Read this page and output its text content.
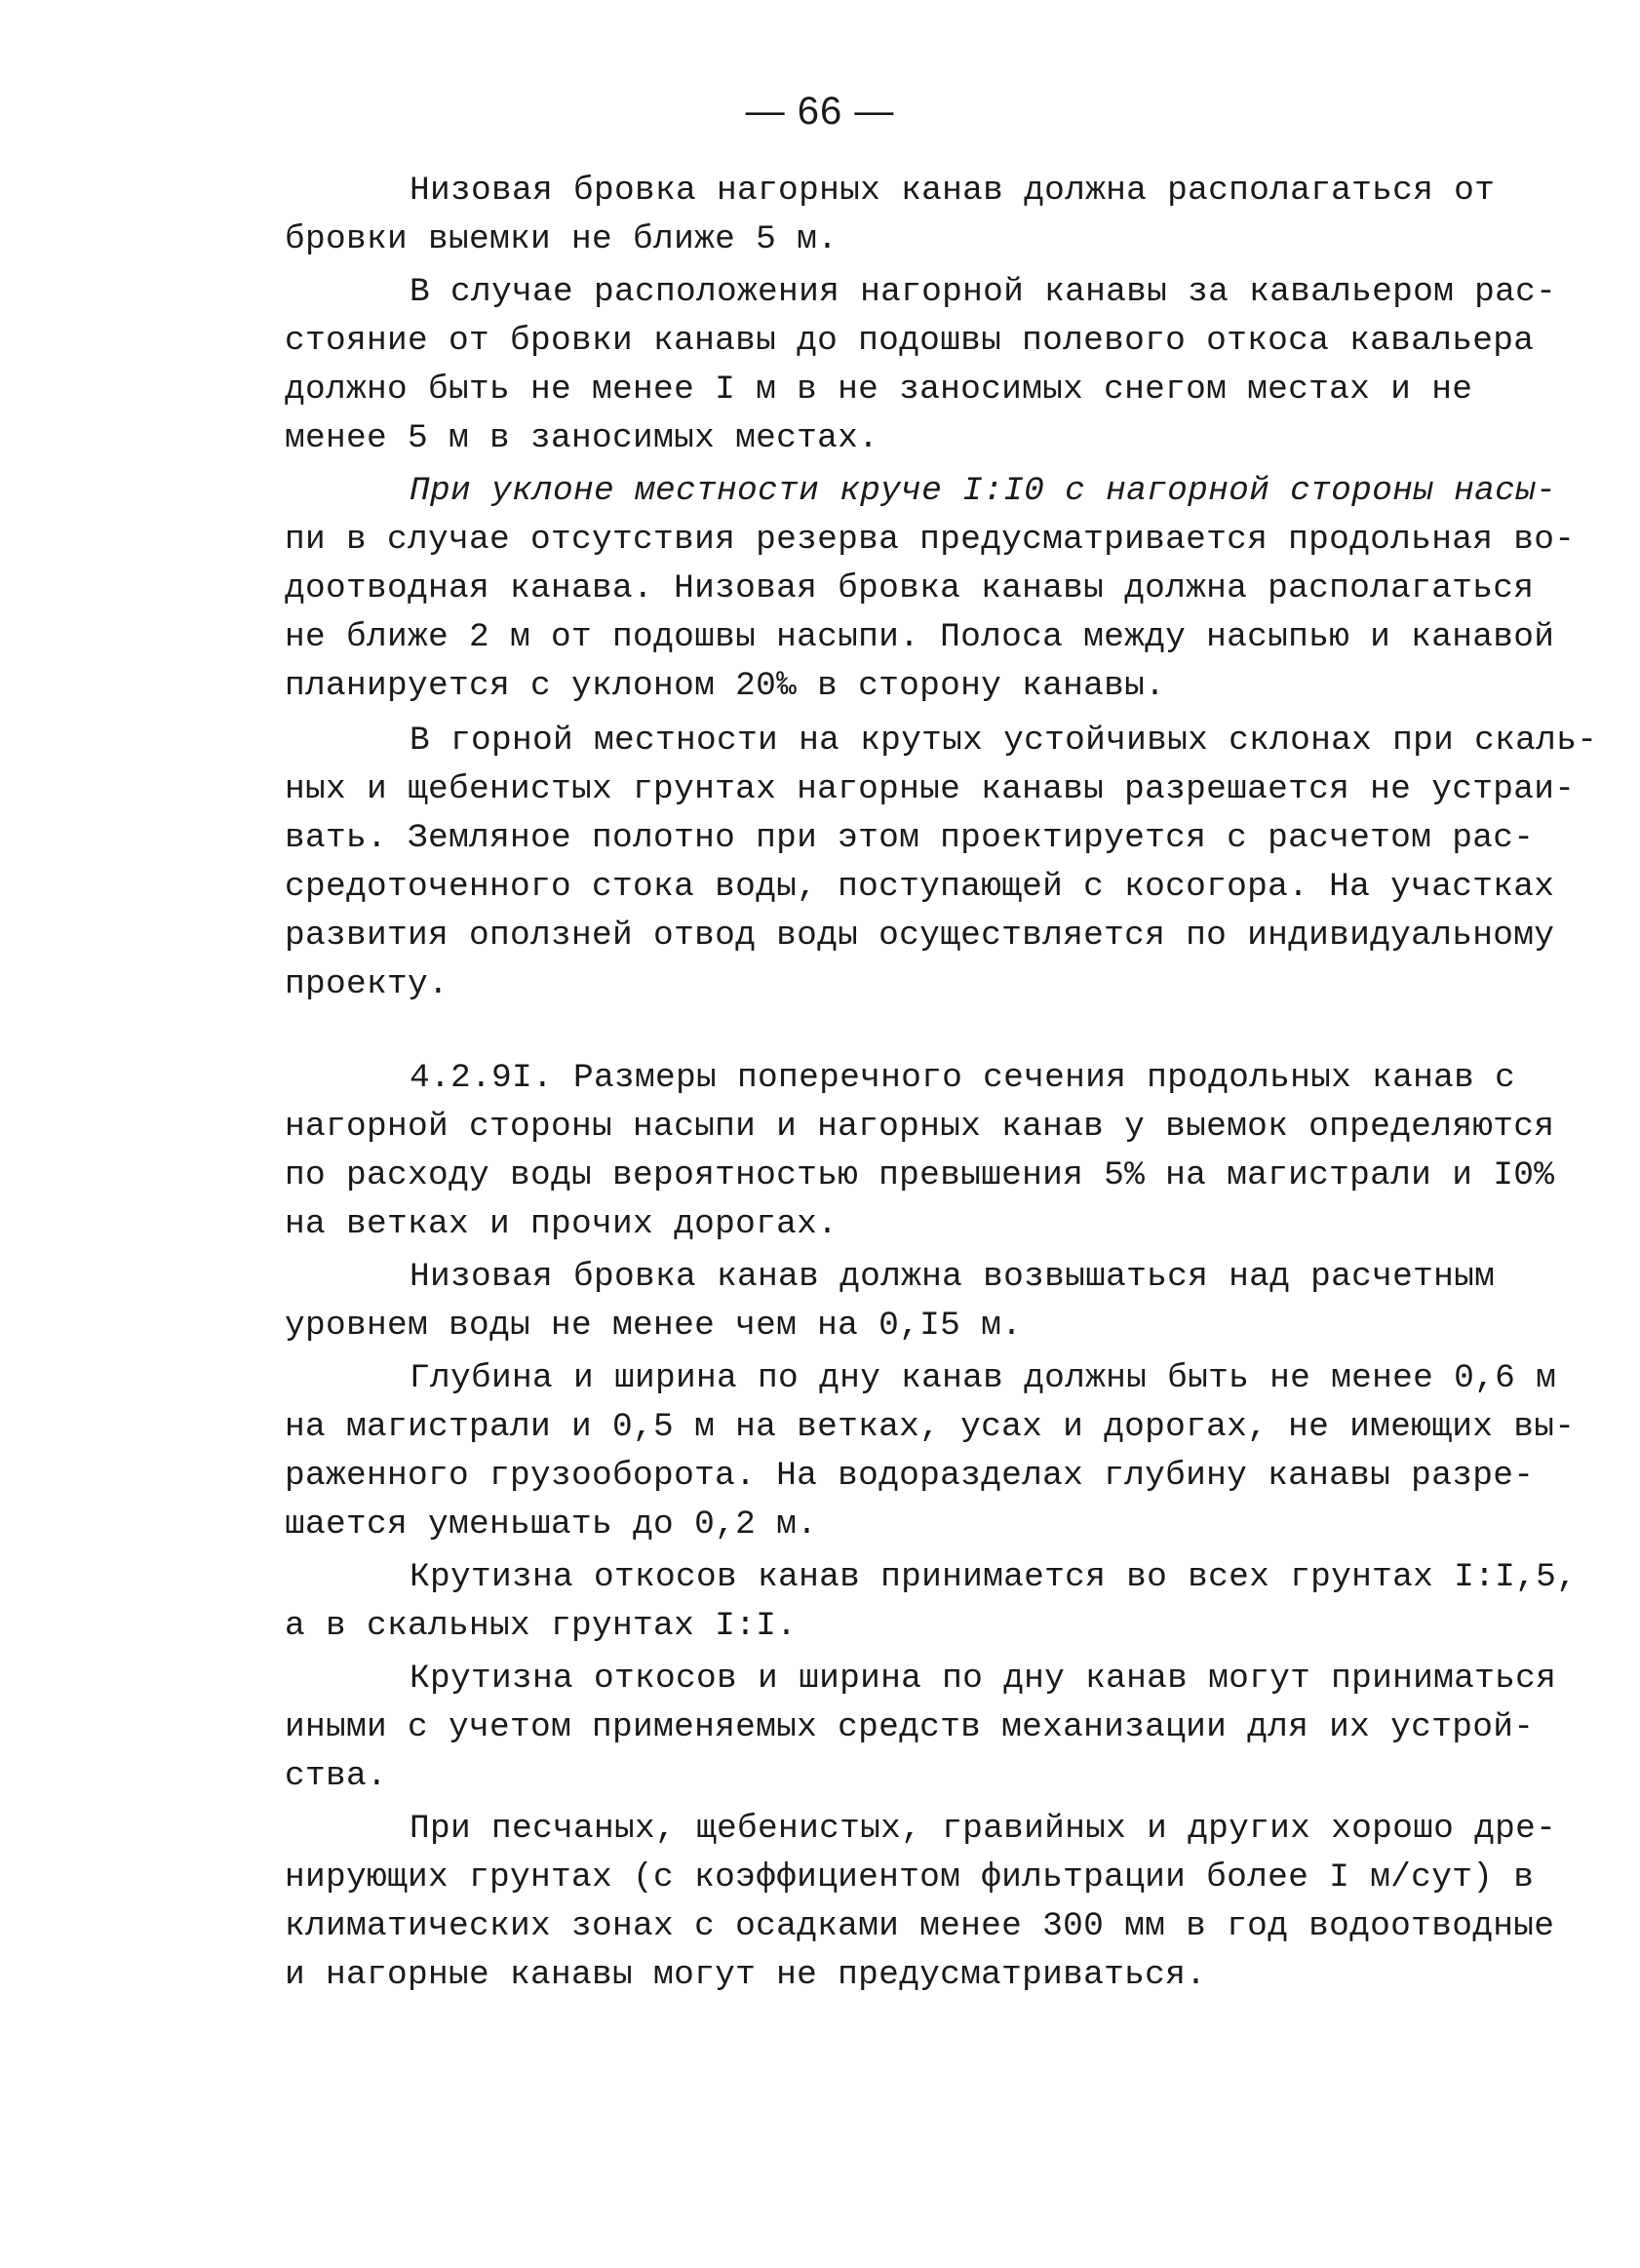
— 66 —
Низовая бровка нагорных канав должна располагаться от
бровки выемки не ближе 5 м.
В случае расположения нагорной канавы за кавальером рас-
стояние от бровки канавы до подошвы полевого откоса кавальера
должно быть не менее I м в не заносимых снегом местах и не
менее 5 м в заносимых местах.
При уклоне местности круче I:I0 с нагорной стороны насы-
пи в случае отсутствия резерва предусматривается продольная во-
доотводная канава. Низовая бровка канавы должна располагаться
не ближе 2 м от подошвы насыпи. Полоса между насыпью и канавой
планируется с уклоном 20‰ в сторону канавы.
В горной местности на крутых устойчивых склонах при скаль-
ных и щебенистых грунтах нагорные канавы разрешается не устраи-
вать. Земляное полотно при этом проектируется с расчетом рас-
средоточенного стока воды, поступающей с косогора. На участках
развития оползней отвод воды осуществляется по индивидуальному
проекту.
4.2.9I. Размеры поперечного сечения продольных канав с
нагорной стороны насыпи и нагорных канав у выемок определяются
по расходу воды вероятностью превышения 5% на магистрали и I0%
на ветках и прочих дорогах.
Низовая бровка канав должна возвышаться над расчетным
уровнем воды не менее чем на 0,I5 м.
Глубина и ширина по дну канав должны быть не менее 0,6 м
на магистрали и 0,5 м на ветках, усах и дорогах, не имеющих вы-
раженного грузооборота. На водоразделах глубину канавы разре-
шается уменьшать до 0,2 м.
Крутизна откосов канав принимается во всех грунтах I:I,5,
а в скальных грунтах I:I.
Крутизна откосов и ширина по дну канав могут приниматься
иными с учетом применяемых средств механизации для их устрой-
ства.
При песчаных, щебенистых, гравийных и других хорошо дре-
нирующих грунтах (с коэффициентом фильтрации более I м/сут) в
климатических зонах с осадками менее 300 мм в год водоотводные
и нагорные канавы могут не предусматриваться.
